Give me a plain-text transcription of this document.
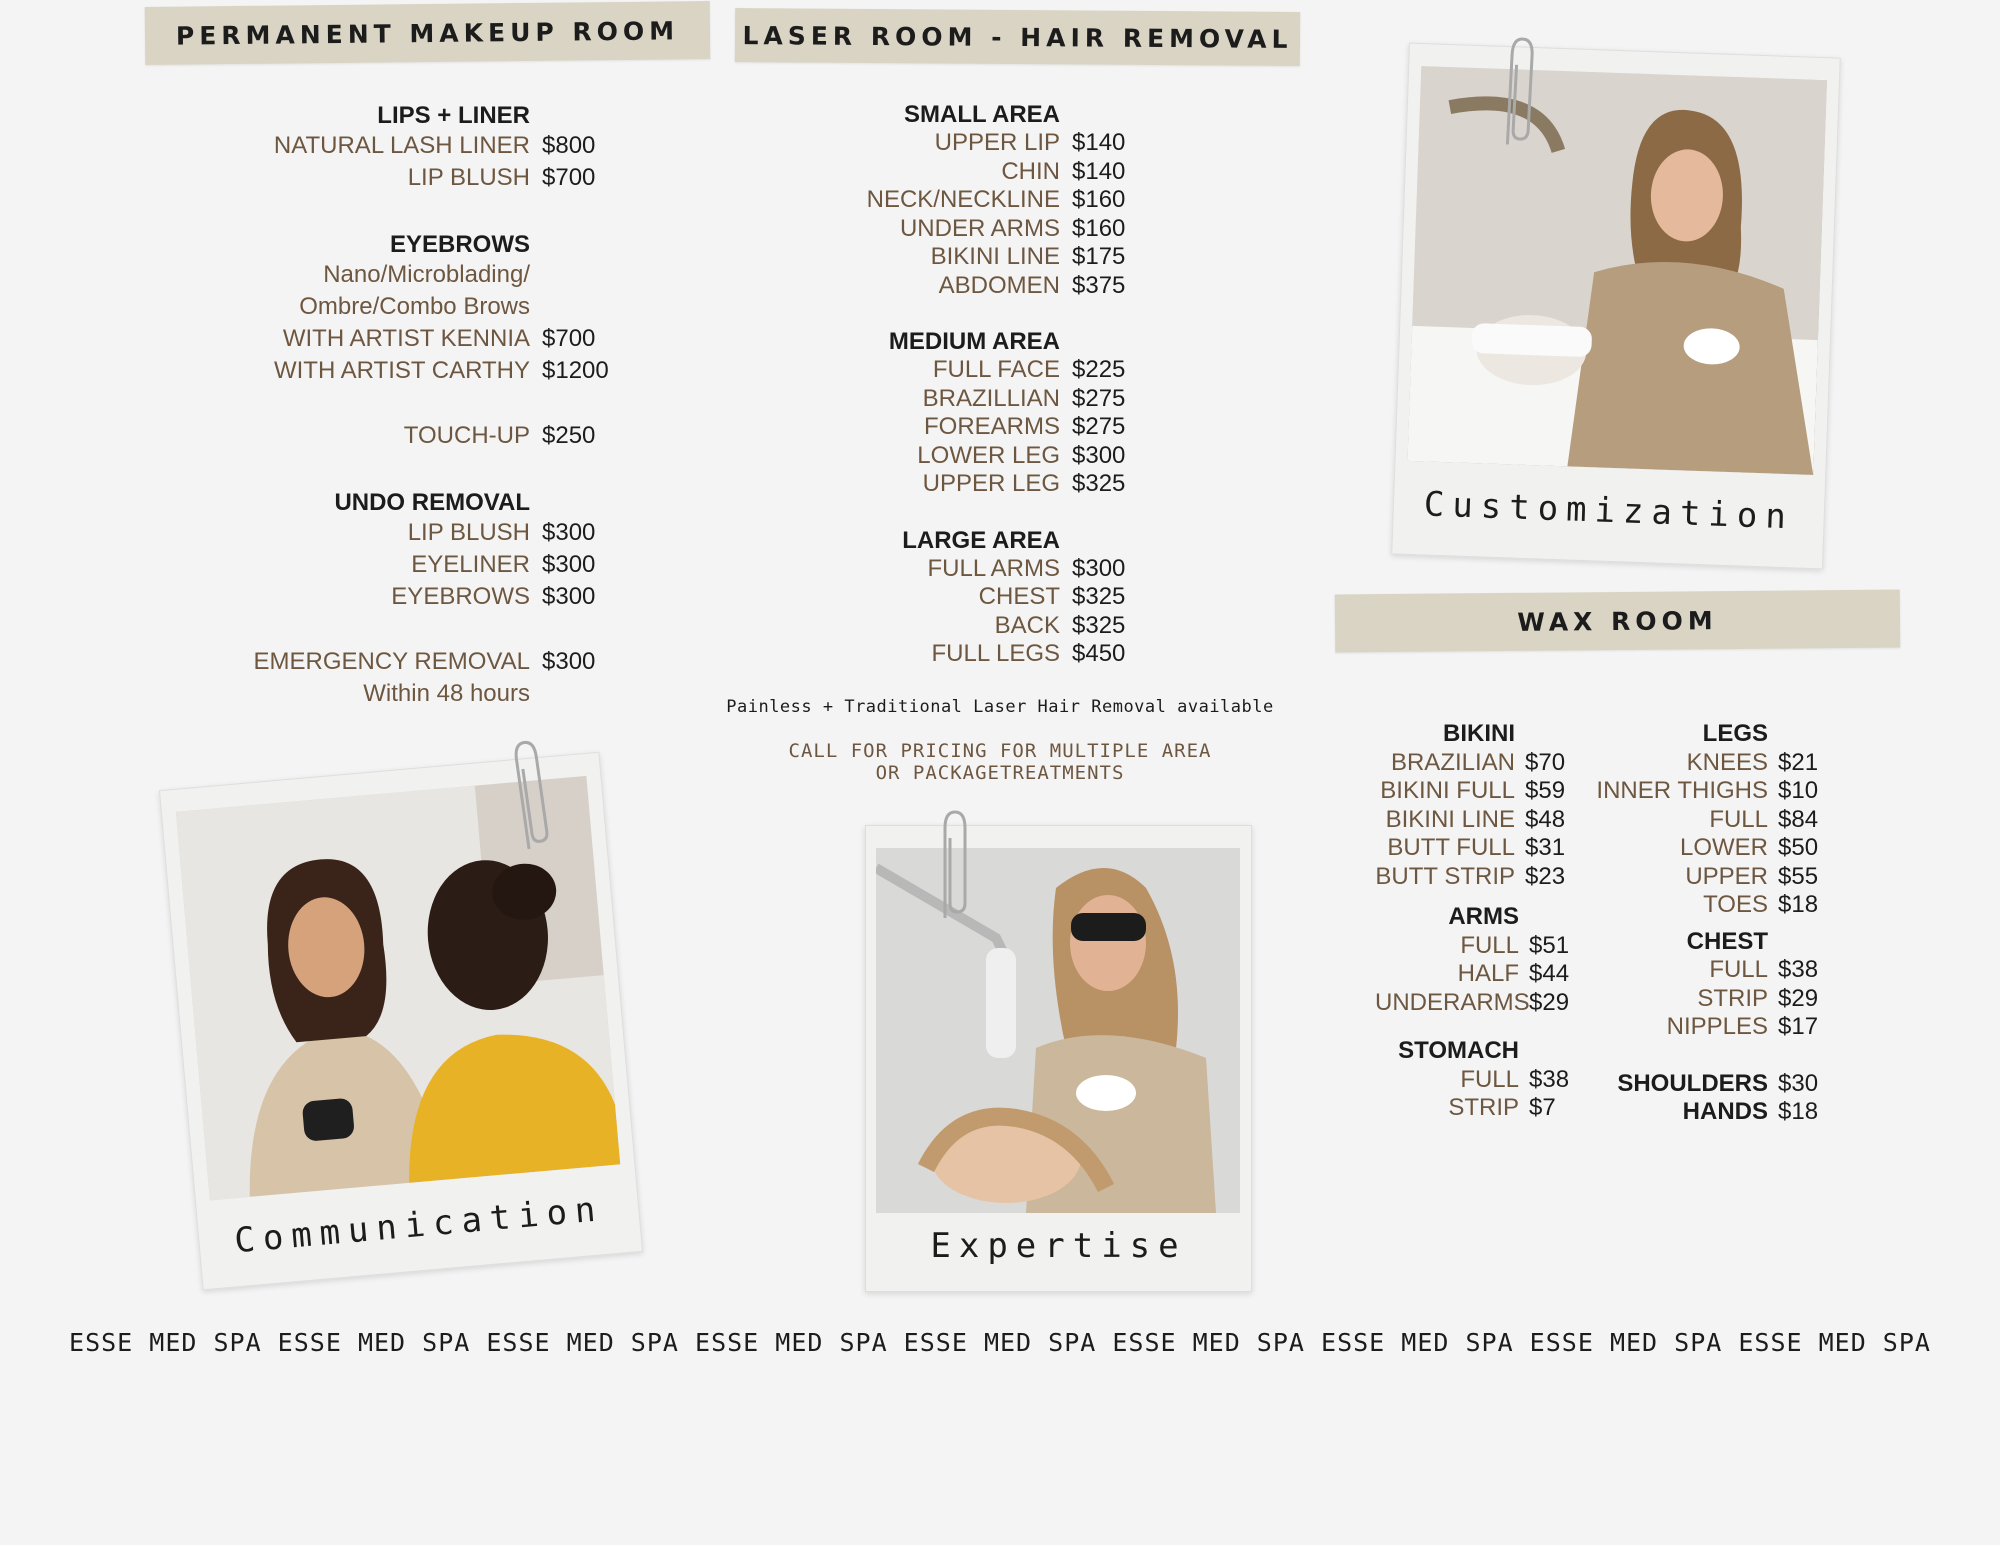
PERMANENT MAKEUP ROOM	LASER ROOM - HAIR REMOVAL
WAX ROOM
LIPS + LINER
NATURAL LASH LINER $800
LIP BLUSH $700
EYEBROWS
Nano/Microblading/
Ombre/Combo Brows
WITH ARTIST KENNIA $700
WITH ARTIST CARTHY $1200
TOUCH-UP $250
UNDO REMOVAL
LIP BLUSH $300
EYELINER $300
EYEBROWS $300
EMERGENCY REMOVAL $300
Within 48 hours
SMALL AREA
UPPER LIP $140
CHIN $140
NECK/NECKLINE $160
UNDER ARMS $160
BIKINI LINE $175
ABDOMEN $375
MEDIUM AREA
FULL FACE $225
BRAZILLIAN $275
FOREARMS $275
LOWER LEG $300
UPPER LEG $325
LARGE AREA
FULL ARMS $300
CHEST $325
BACK $325
FULL LEGS $450
Painless + Traditional Laser Hair Removal available
CALL FOR PRICING FOR MULTIPLE AREA
OR PACKAGETREATMENTS
BIKINI
BRAZILIAN $70
BIKINI FULL $59
BIKINI LINE $48
BUTT FULL $31
BUTT STRIP $23
ARMS
FULL $51
HALF $44
UNDERARMS $29
STOMACH
FULL $38
STRIP $7
LEGS
KNEES $21
INNER THIGHS $10
FULL $84
LOWER $50
UPPER $55
TOES $18
CHEST
FULL $38
STRIP $29
NIPPLES $17
SHOULDERS $30
HANDS $18
Customization
Communication	Expertise
ESSE MED SPA ESSE MED SPA ESSE MED SPA ESSE MED SPA ESSE MED SPA ESSE MED SPA ESSE MED SPA ESSE MED SPA ESSE MED SPA
